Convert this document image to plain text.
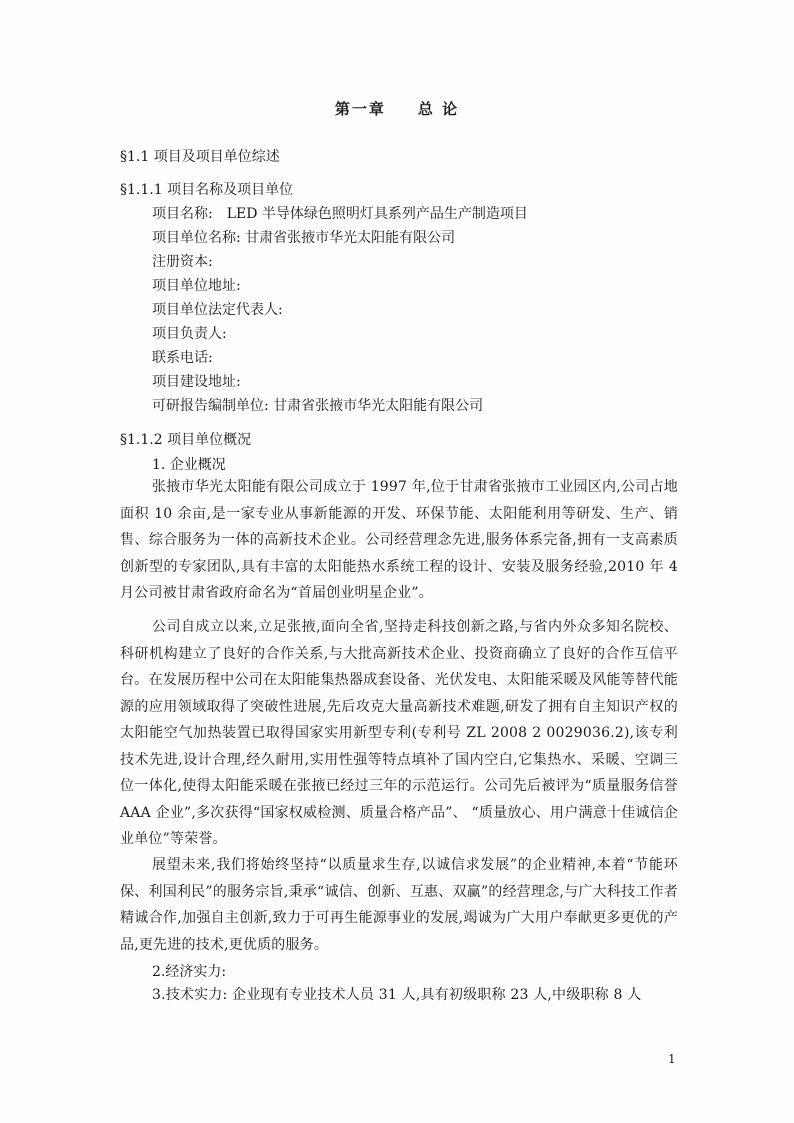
第一章 总 论
§1.1 项目及项目单位综述
§1.1.1 项目名称及项目单位
项目名称:　LED 半导体绿色照明灯具系列产品生产制造项目
项目单位名称: 甘肃省张掖市华光太阳能有限公司
注册资本:
项目单位地址:
项目单位法定代表人:
项目负责人:
联系电话:
项目建设地址:
可研报告编制单位: 甘肃省张掖市华光太阳能有限公司
§1.1.2 项目单位概况
1. 企业概况
张掖市华光太阳能有限公司成立于 1997 年,位于甘肃省张掖市工业园区内,公司占地面积 10 余亩,是一家专业从事新能源的开发、环保节能、太阳能利用等研发、生产、销售、综合服务为一体的高新技术企业。公司经营理念先进,服务体系完备,拥有一支高素质创新型的专家团队,具有丰富的太阳能热水系统工程的设计、安装及服务经验,2010 年 4 月公司被甘肃省政府命名为“首届创业明星企业”。
公司自成立以来,立足张掖,面向全省,坚持走科技创新之路,与省内外众多知名院校、科研机构建立了良好的合作关系,与大批高新技术企业、投资商确立了良好的合作互信平台。在发展历程中公司在太阳能集热器成套设备、光伏发电、太阳能采暖及风能等替代能源的应用领域取得了突破性进展,先后攻克大量高新技术难题,研发了拥有自主知识产权的太阳能空气加热装置已取得国家实用新型专利(专利号 ZL 2008 2 0029036.2),该专利技术先进,设计合理,经久耐用,实用性强等特点填补了国内空白,它集热水、采暖、空调三位一体化,使得太阳能采暖在张掖已经过三年的示范运行。公司先后被评为“质量服务信誉 AAA 企业”,多次获得“国家权威检测、质量合格产品”、 “质量放心、用户满意十佳诚信企业单位”等荣誉。
展望未来,我们将始终坚持“以质量求生存,以诚信求发展”的企业精神,本着“节能环保、利国利民”的服务宗旨,秉承“诚信、创新、互惠、双赢”的经营理念,与广大科技工作者精诚合作,加强自主创新,致力于可再生能源事业的发展,竭诚为广大用户奉献更多更优的产品,更先进的技术,更优质的服务。
2.经济实力:
3.技术实力: 企业现有专业技术人员 31 人,具有初级职称 23 人,中级职称 8 人
1
